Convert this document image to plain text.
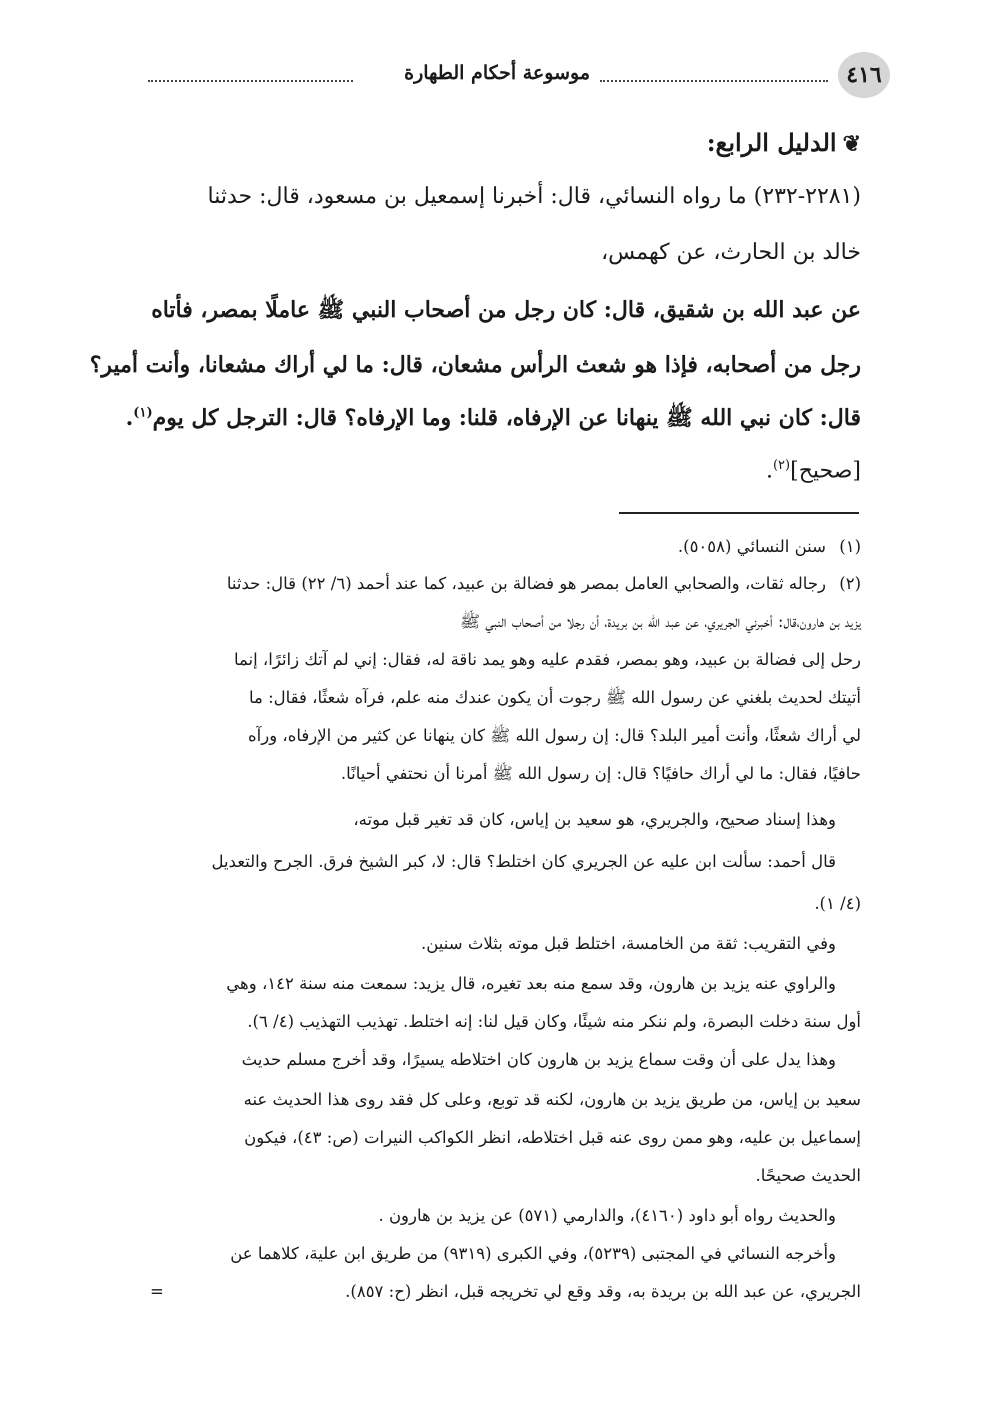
٤١٦
موسوعة أحكام الطهارة
❦الدليل الرابع:
(٢٢٨١-٢٣٢) ما رواه النسائي، قال: أخبرنا إسمعيل بن مسعود، قال: حدثنا
خالد بن الحارث، عن كهمس،
عن عبد الله بن شقيق، قال: كان رجل من أصحاب النبي ﷺ عاملًا بمصر، فأتاه
رجل من أصحابه، فإذا هو شعث الرأس مشعان، قال: ما لي أراك مشعانا، وأنت أمير؟
قال: كان نبي الله ﷺ ينهانا عن الإرفاه، قلنا: وما الإرفاه؟ قال: الترجل كل يوم$^{(١)}$.
[صحيح]$^{(٢)}$.
(١)
سنن النسائي (٥٠٥٨).
(٢)
رجاله ثقات، والصحابي العامل بمصر هو فضالة بن عبيد، كما عند أحمد (٦/ ٢٢) قال: حدثنا
يزيد بن هارون،قال: أخبرني الجريري، عن عبد الله بن بريدة، أن رجلا من أصحاب النبي ﷺ
رحل إلى فضالة بن عبيد، وهو بمصر، فقدم عليه وهو يمد ناقة له، فقال: إني لم آتك زائرًا، إنما
أتيتك لحديث بلغني عن رسول الله ﷺ رجوت أن يكون عندك منه علم، فرآه شعثًا، فقال: ما
لي أراك شعثًا، وأنت أمير البلد؟ قال: إن رسول الله ﷺ كان ينهانا عن كثير من الإرفاه، ورآه
حافيًا، فقال: ما لي أراك حافيًا؟ قال: إن رسول الله ﷺ أمرنا أن نحتفي أحيانًا.
وهذا إسناد صحيح، والجريري، هو سعيد بن إياس، كان قد تغير قبل موته،
قال أحمد: سألت ابن عليه عن الجريري كان اختلط؟ قال: لا، كبر الشيخ فرق. الجرح والتعديل
(٤/ ١).
وفي التقريب: ثقة من الخامسة، اختلط قبل موته بثلاث سنين.
والراوي عنه يزيد بن هارون، وقد سمع منه بعد تغيره، قال يزيد: سمعت منه سنة ١٤٢، وهي
أول سنة دخلت البصرة، ولم ننكر منه شيئًا، وكان قيل لنا: إنه اختلط. تهذيب التهذيب (٤/ ٦).
وهذا يدل على أن وقت سماع يزيد بن هارون كان اختلاطه يسيرًا، وقد أخرج مسلم حديث
سعيد بن إياس، من طريق يزيد بن هارون، لكنه قد توبع، وعلى كل فقد روى هذا الحديث عنه
إسماعيل بن عليه، وهو ممن روى عنه قبل اختلاطه، انظر الكواكب النيرات (ص: ٤٣)، فيكون
الحديث صحيحًا.
والحديث رواه أبو داود (٤١٦٠)، والدارمي (٥٧١) عن يزيد بن هارون .
وأخرجه النسائي في المجتبى (٥٢٣٩)، وفي الكبرى (٩٣١٩) من طريق ابن علية، كلاهما عن
الجريري، عن عبد الله بن بريدة به، وقد وقع لي تخريجه قبل، انظر (ح: ٨٥٧).
=
